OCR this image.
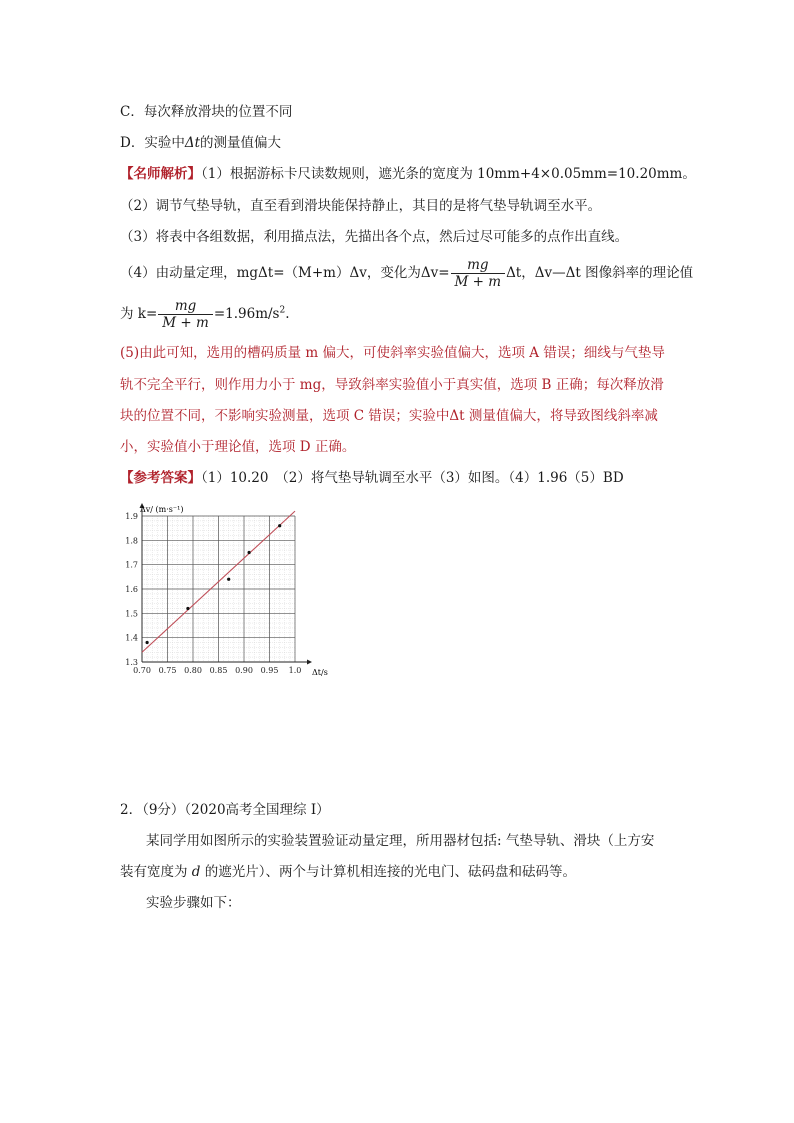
C．每次释放滑块的位置不同
D．实验中Δt的测量值偏大
【名师解析】（1）根据游标卡尺读数规则，遮光条的宽度为 10mm+4×0.05mm=10.20mm。
（2）调节气垫导轨，直至看到滑块能保持静止，其目的是将气垫导轨调至水平。
（3）将表中各组数据，利用描点法，先描出各个点，然后过尽可能多的点作出直线。
（4）由动量定理，mgΔt=（M+m）Δv，变化为$\Delta v= \frac{mg}{M + m}$ Δt，Δv—Δt 图像斜率的理论值
为 $k= \frac{mg}{M + m} =1.96m/s^2$.
(5)由此可知，选用的槽码质量 m 偏大，可使斜率实验值偏大，选项 A 错误；细线与气垫导
轨不完全平行，则作用力小于 mg，导致斜率实验值小于真实值，选项 B 正确；每次释放滑
块的位置不同，不影响实验测量，选项 C 错误；实验中Δt 测量值偏大，将导致图线斜率减
小，实验值小于理论值，选项 D 正确。
【参考答案】（1）10.20　（2）将气垫导轨调至水平（3）如图。（4）1.96（5）BD
0.70 0.75 0.80 0.85 0.90 0.95 1.0
1.3
1.4
1.5
1.6
1.7
1.8
1.9
Δv/ (m·s⁻¹)
Δt/s
2．（9分）（2020高考全国理综 I）
某同学用如图所示的实验装置验证动量定理，所用器材包括: 气垫导轨、滑块（上方安
装有宽度为 d 的遮光片）、两个与计算机相连接的光电门、砝码盘和砝码等。
实验步骤如下：
